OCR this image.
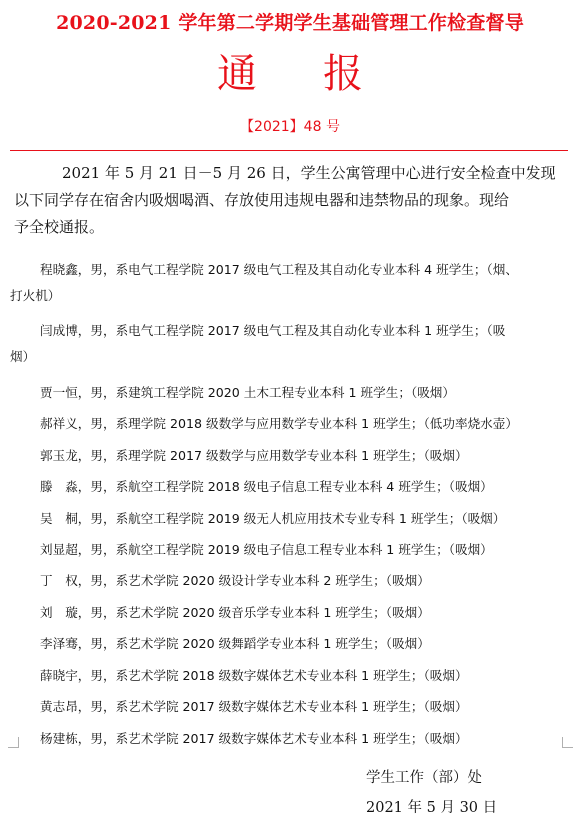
2020-2021 学年第二学期学生基础管理工作检查督导
通报
【2021】48 号
2021 年 5 月 21 日－5 月 26 日，学生公寓管理中心进行安全检查中发现
以下同学存在宿舍内吸烟喝酒、存放使用违规电器和违禁物品的现象。现给
予全校通报。
程晓鑫，男，系电气工程学院 2017 级电气工程及其自动化专业本科 4 班学生；（烟、
打火机）
闫成博，男，系电气工程学院 2017 级电气工程及其自动化专业本科 1 班学生；（吸
烟）
贾一恒，男，系建筑工程学院 2020 土木工程专业本科 1 班学生；（吸烟）
郝祥义，男，系理学院 2018 级数学与应用数学专业本科 1 班学生；（低功率烧水壶）
郭玉龙，男，系理学院 2017 级数学与应用数学专业本科 1 班学生；（吸烟）
滕　淼，男，系航空工程学院 2018 级电子信息工程专业本科 4 班学生；（吸烟）
吴　桐，男，系航空工程学院 2019 级无人机应用技术专业专科 1 班学生；（吸烟）
刘显超，男，系航空工程学院 2019 级电子信息工程专业本科 1 班学生；（吸烟）
丁　权，男，系艺术学院 2020 级设计学专业本科 2 班学生；（吸烟）
刘　璇，男，系艺术学院 2020 级音乐学专业本科 1 班学生；（吸烟）
李泽骞，男，系艺术学院 2020 级舞蹈学专业本科 1 班学生；（吸烟）
薛晓宇，男，系艺术学院 2018 级数字媒体艺术专业本科 1 班学生；（吸烟）
黄志昂，男，系艺术学院 2017 级数字媒体艺术专业本科 1 班学生；（吸烟）
杨建栋，男，系艺术学院 2017 级数字媒体艺术专业本科 1 班学生；（吸烟）
学生工作（部）处
2021 年 5 月 30 日
